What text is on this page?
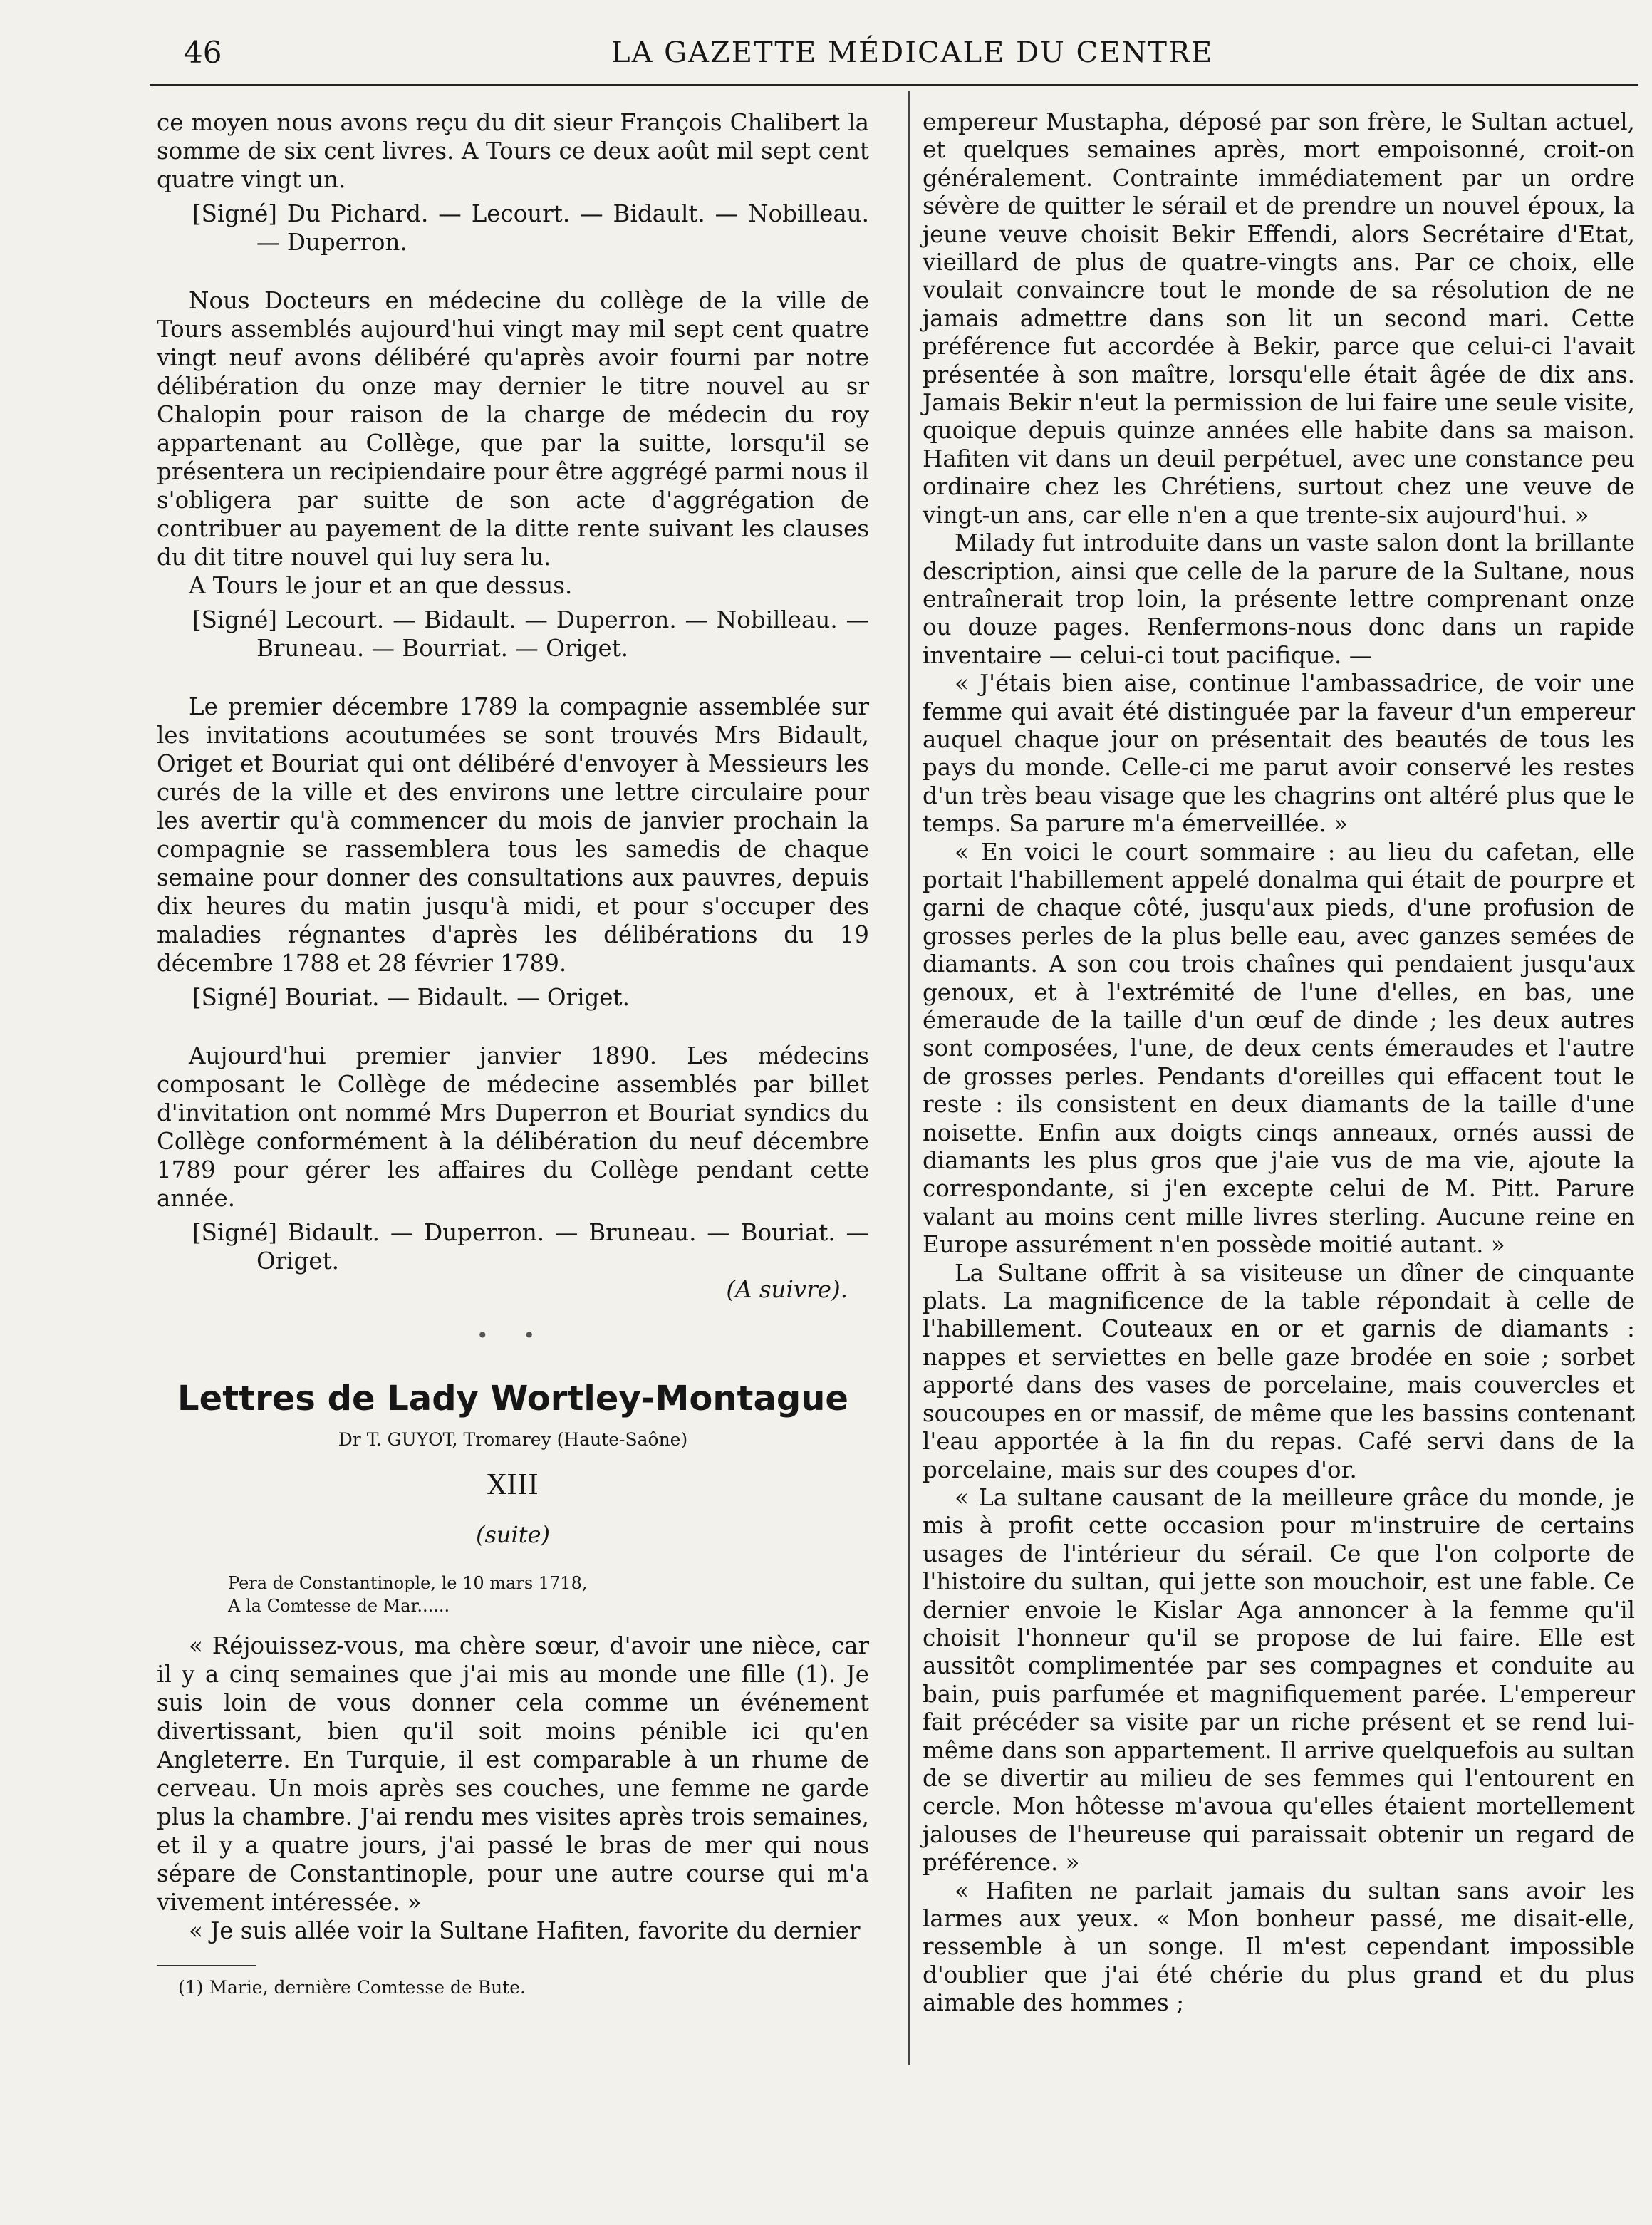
46	LA GAZETTE MÉDICALE DU CENTRE

ce moyen nous avons reçu du dit sieur François Chalibert la somme de six cent livres. A Tours ce deux août mil sept cent quatre vingt un.

[Signé] Du Pichard. — Lecourt. — Bidault. — Nobilleau. — Duperron.

Nous Docteurs en médecine du collège de la ville de Tours assemblés aujourd'hui vingt may mil sept cent quatre vingt neuf avons délibéré qu'après avoir fourni par notre délibération du onze may dernier le titre nouvel au sr Chalopin pour raison de la charge de médecin du roy appartenant au Collège, que par la suitte, lorsqu'il se présentera un recipiendaire pour être aggrégé parmi nous il s'obligera par suitte de son acte d'aggrégation de contribuer au payement de la ditte rente suivant les clauses du dit titre nouvel qui luy sera lu.

A Tours le jour et an que dessus.

[Signé] Lecourt. — Bidault. — Duperron. — Nobilleau. — Bruneau. — Bourriat. — Origet.

Le premier décembre 1789 la compagnie assemblée sur les invitations acoutumées se sont trouvés Mrs Bidault, Origet et Bouriat qui ont délibéré d'envoyer à Messieurs les curés de la ville et des environs une lettre circulaire pour les avertir qu'à commencer du mois de janvier prochain la compagnie se rassemblera tous les samedis de chaque semaine pour donner des consultations aux pauvres, depuis dix heures du matin jusqu'à midi, et pour s'occuper des maladies régnantes d'après les délibérations du 19 décembre 1788 et 28 février 1789.

[Signé] Bouriat. — Bidault. — Origet.

Aujourd'hui premier janvier 1890. Les médecins composant le Collège de médecine assemblés par billet d'invitation ont nommé Mrs Duperron et Bouriat syndics du Collège conformément à la délibération du neuf décembre 1789 pour gérer les affaires du Collège pendant cette année.

[Signé] Bidault. — Duperron. — Bruneau. — Bouriat. — Origet.

(A suivre).

• •
Lettres de Lady Wortley-Montague
Dr T. GUYOT, Tromarey (Haute-Saône)
XIII
(suite)
Pera de Constantinople, le 10 mars 1718,
A la Comtesse de Mar......

« Réjouissez-vous, ma chère sœur, d'avoir une nièce, car il y a cinq semaines que j'ai mis au monde une fille (1). Je suis loin de vous donner cela comme un événement divertissant, bien qu'il soit moins pénible ici qu'en Angleterre. En Turquie, il est comparable à un rhume de cerveau. Un mois après ses couches, une femme ne garde plus la chambre. J'ai rendu mes visites après trois semaines, et il y a quatre jours, j'ai passé le bras de mer qui nous sépare de Constantinople, pour une autre course qui m'a vivement intéressée. »

« Je suis allée voir la Sultane Hafiten, favorite du dernier

(1) Marie, dernière Comtesse de Bute.

empereur Mustapha, déposé par son frère, le Sultan actuel, et quelques semaines après, mort empoisonné, croit-on généralement. Contrainte immédiatement par un ordre sévère de quitter le sérail et de prendre un nouvel époux, la jeune veuve choisit Bekir Effendi, alors Secrétaire d'Etat, vieillard de plus de quatre-vingts ans. Par ce choix, elle voulait convaincre tout le monde de sa résolution de ne jamais admettre dans son lit un second mari. Cette préférence fut accordée à Bekir, parce que celui-ci l'avait présentée à son maître, lorsqu'elle était âgée de dix ans. Jamais Bekir n'eut la permission de lui faire une seule visite, quoique depuis quinze années elle habite dans sa maison. Hafiten vit dans un deuil perpétuel, avec une constance peu ordinaire chez les Chrétiens, surtout chez une veuve de vingt-un ans, car elle n'en a que trente-six aujourd'hui. »

Milady fut introduite dans un vaste salon dont la brillante description, ainsi que celle de la parure de la Sultane, nous entraînerait trop loin, la présente lettre comprenant onze ou douze pages. Renfermons-nous donc dans un rapide inventaire — celui-ci tout pacifique. —

« J'étais bien aise, continue l'ambassadrice, de voir une femme qui avait été distinguée par la faveur d'un empereur auquel chaque jour on présentait des beautés de tous les pays du monde. Celle-ci me parut avoir conservé les restes d'un très beau visage que les chagrins ont altéré plus que le temps. Sa parure m'a émerveillée. »

« En voici le court sommaire : au lieu du cafetan, elle portait l'habillement appelé donalma qui était de pourpre et garni de chaque côté, jusqu'aux pieds, d'une profusion de grosses perles de la plus belle eau, avec ganzes semées de diamants. A son cou trois chaînes qui pendaient jusqu'aux genoux, et à l'extrémité de l'une d'elles, en bas, une émeraude de la taille d'un œuf de dinde ; les deux autres sont composées, l'une, de deux cents émeraudes et l'autre de grosses perles. Pendants d'oreilles qui effacent tout le reste : ils consistent en deux diamants de la taille d'une noisette. Enfin aux doigts cinqs anneaux, ornés aussi de diamants les plus gros que j'aie vus de ma vie, ajoute la correspondante, si j'en excepte celui de M. Pitt. Parure valant au moins cent mille livres sterling. Aucune reine en Europe assurément n'en possède moitié autant. »

La Sultane offrit à sa visiteuse un dîner de cinquante plats. La magnificence de la table répondait à celle de l'habillement. Couteaux en or et garnis de diamants : nappes et serviettes en belle gaze brodée en soie ; sorbet apporté dans des vases de porcelaine, mais couvercles et soucoupes en or massif, de même que les bassins contenant l'eau apportée à la fin du repas. Café servi dans de la porcelaine, mais sur des coupes d'or.

« La sultane causant de la meilleure grâce du monde, je mis à profit cette occasion pour m'instruire de certains usages de l'intérieur du sérail. Ce que l'on colporte de l'histoire du sultan, qui jette son mouchoir, est une fable. Ce dernier envoie le Kislar Aga annoncer à la femme qu'il choisit l'honneur qu'il se propose de lui faire. Elle est aussitôt complimentée par ses compagnes et conduite au bain, puis parfumée et magnifiquement parée. L'empereur fait précéder sa visite par un riche présent et se rend lui-même dans son appartement. Il arrive quelquefois au sultan de se divertir au milieu de ses femmes qui l'entourent en cercle. Mon hôtesse m'avoua qu'elles étaient mortellement jalouses de l'heureuse qui paraissait obtenir un regard de préférence. »

« Hafiten ne parlait jamais du sultan sans avoir les larmes aux yeux. « Mon bonheur passé, me disait-elle, ressemble à un songe. Il m'est cependant impossible d'oublier que j'ai été chérie du plus grand et du plus aimable des hommes ;
